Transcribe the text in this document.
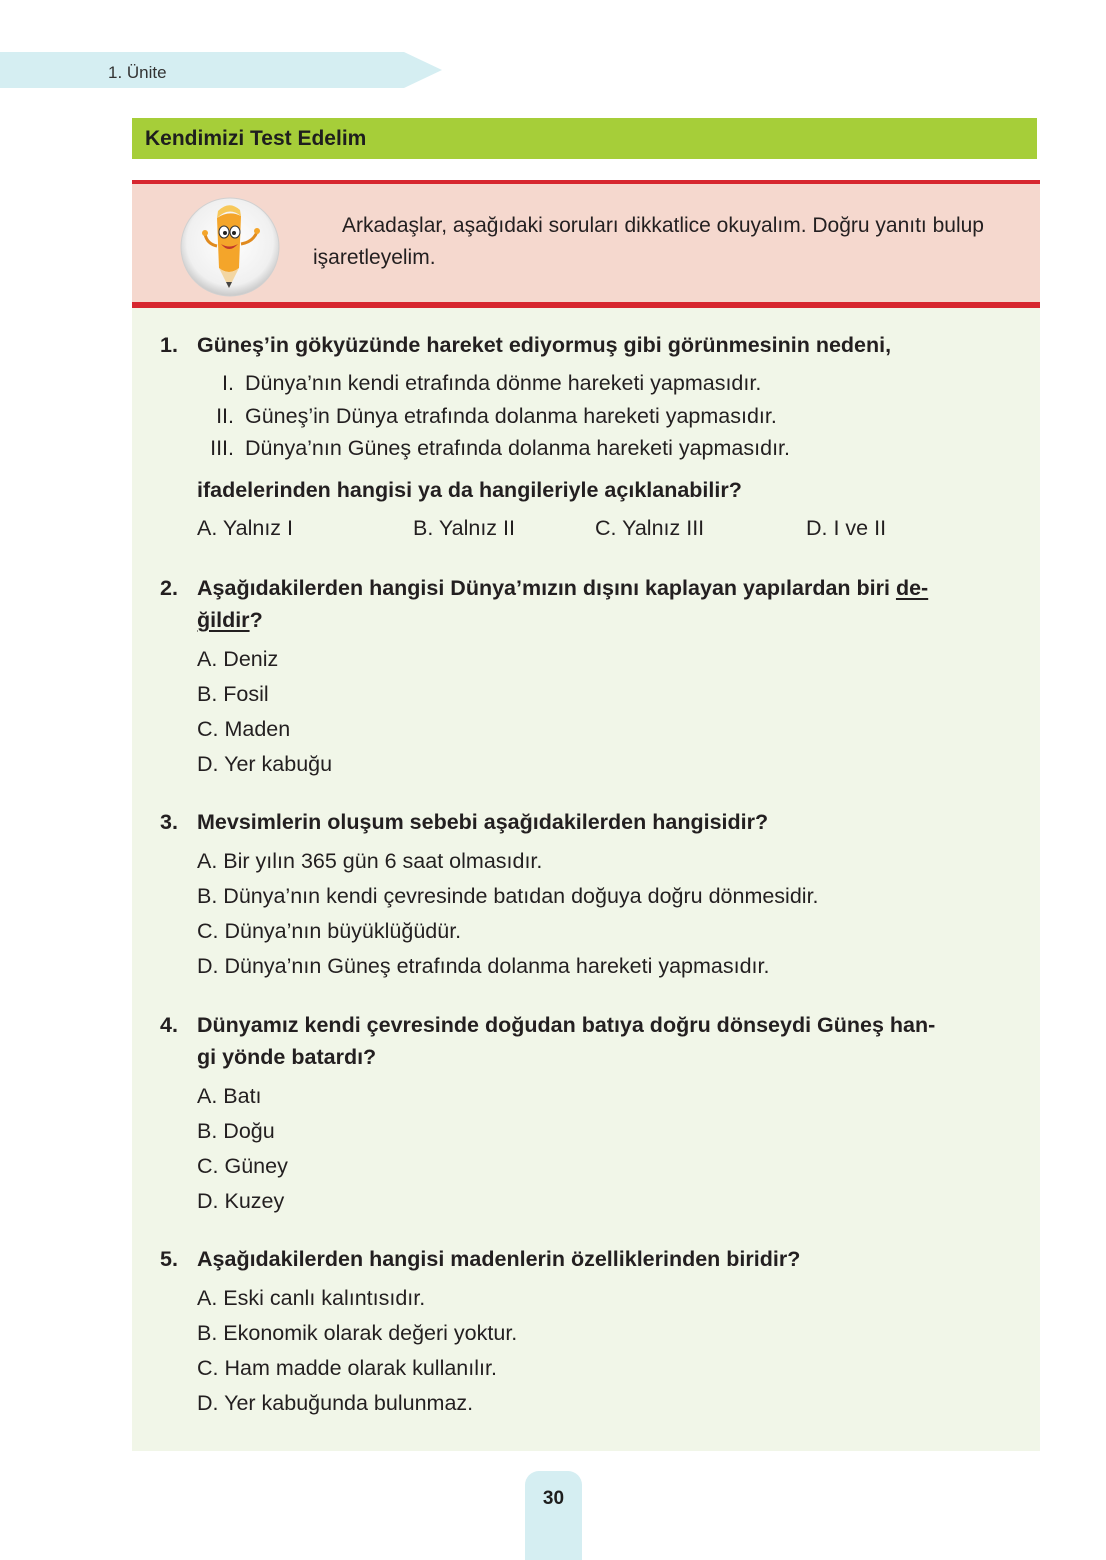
1. Ünite
Kendimizi Test Edelim
Arkadaşlar, aşağıdaki soruları dikkatlice okuyalım. Doğru yanıtı bulup işaretleyelim.
1. Güneş’in gökyüzünde hareket ediyormuş gibi görünmesinin nedeni,
I. Dünya’nın kendi etrafında dönme hareketi yapmasıdır.
II. Güneş’in Dünya etrafında dolanma hareketi yapmasıdır.
III. Dünya’nın Güneş etrafında dolanma hareketi yapmasıdır.
ifadelerinden hangisi ya da hangileriyle açıklanabilir?
A. Yalnız I	B. Yalnız II	C. Yalnız III	D. I ve II
2. Aşağıdakilerden hangisi Dünya’mızın dışını kaplayan yapılardan biri de-
ğildir?
A. Deniz
B. Fosil
C. Maden
D. Yer kabuğu
3. Mevsimlerin oluşum sebebi aşağıdakilerden hangisidir?
A. Bir yılın 365 gün 6 saat olmasıdır.
B. Dünya’nın kendi çevresinde batıdan doğuya doğru dönmesidir.
C. Dünya’nın büyüklüğüdür.
D. Dünya’nın Güneş etrafında dolanma hareketi yapmasıdır.
4. Dünyamız kendi çevresinde doğudan batıya doğru dönseydi Güneş han-
gi yönde batardı?
A. Batı
B. Doğu
C. Güney
D. Kuzey
5. Aşağıdakilerden hangisi madenlerin özelliklerinden biridir?
A. Eski canlı kalıntısıdır.
B. Ekonomik olarak değeri yoktur.
C. Ham madde olarak kullanılır.
D. Yer kabuğunda bulunmaz.
30
